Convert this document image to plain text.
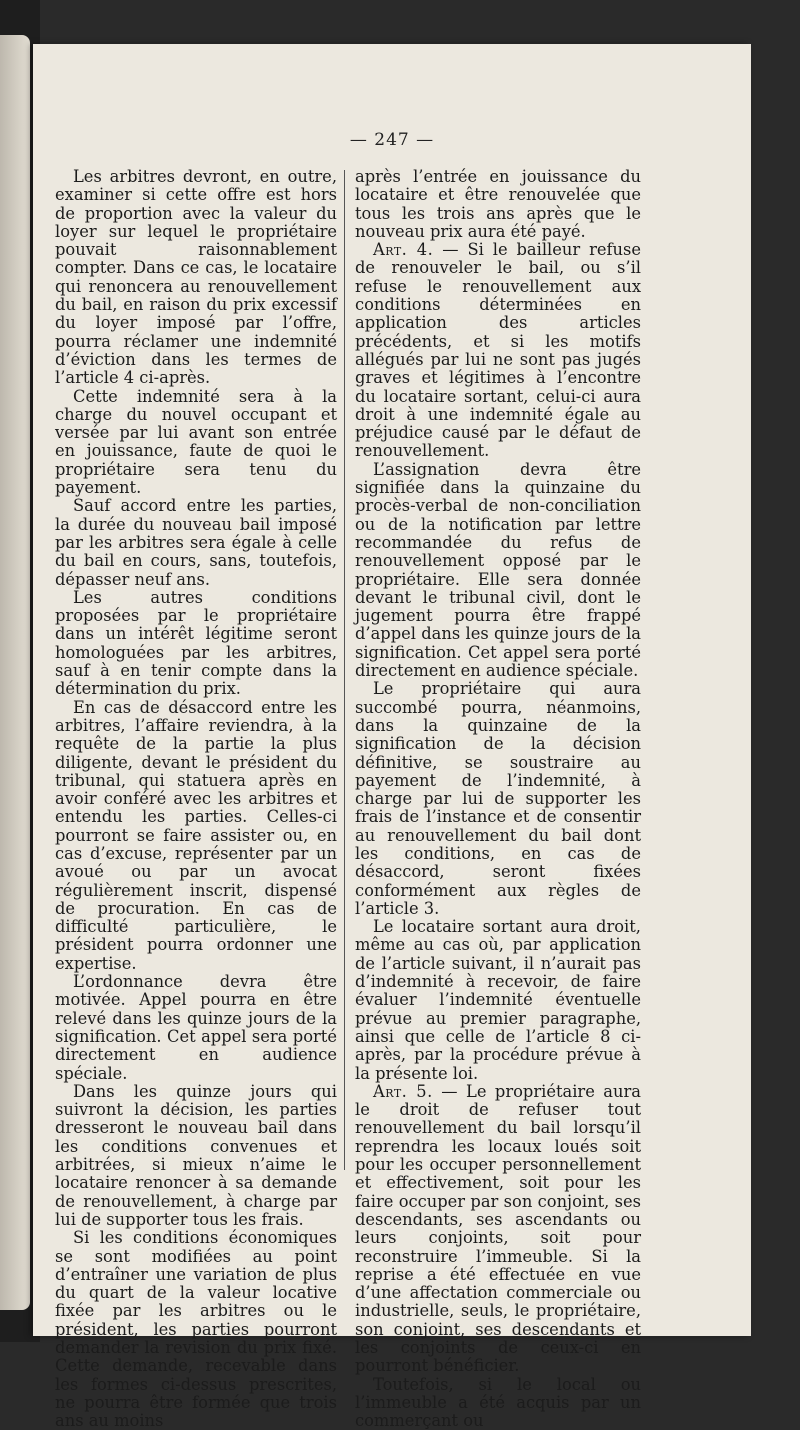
— 247 —

Les arbitres devront, en outre, examiner si cette offre est hors de proportion avec la valeur du loyer sur lequel le propriétaire pouvait raisonnablement compter. Dans ce cas, le locataire qui renoncera au renouvellement du bail, en raison du prix excessif du loyer imposé par l’offre, pourra réclamer une indemnité d’éviction dans les termes de l’article 4 ci-après.

Cette indemnité sera à la charge du nouvel occupant et versée par lui avant son entrée en jouissance, faute de quoi le propriétaire sera tenu du payement.

Sauf accord entre les parties, la durée du nouveau bail imposé par les arbitres sera égale à celle du bail en cours, sans, toutefois, dépasser neuf ans.

Les autres conditions proposées par le propriétaire dans un intérêt légitime seront homologuées par les arbitres, sauf à en tenir compte dans la détermination du prix.

En cas de désaccord entre les arbitres, l’affaire reviendra, à la requête de la partie la plus diligente, devant le président du tribunal, qui statuera après en avoir conféré avec les arbitres et entendu les parties. Celles-ci pourront se faire assister ou, en cas d’excuse, représenter par un avoué ou par un avocat régulièrement inscrit, dispensé de procuration. En cas de difficulté particulière, le président pourra ordonner une expertise.

L’ordonnance devra être motivée. Appel pourra en être relevé dans les quinze jours de la signification. Cet appel sera porté directement en audience spéciale.

Dans les quinze jours qui suivront la décision, les parties dresseront le nouveau bail dans les conditions convenues et arbitrées, si mieux n’aime le locataire renoncer à sa demande de renouvellement, à charge par lui de supporter tous les frais.

Si les conditions économiques se sont modifiées au point d’entraîner une variation de plus du quart de la valeur locative fixée par les arbitres ou le président, les parties pourront demander la revision du prix fixé. Cette demande, recevable dans les formes ci-dessus prescrites, ne pourra être formée que trois ans au moins

après l’entrée en jouissance du locataire et être renouvelée que tous les trois ans après que le nouveau prix aura été payé.

Art. 4. — Si le bailleur refuse de renouveler le bail, ou s’il refuse le renouvellement aux conditions déterminées en application des articles précédents, et si les motifs allégués par lui ne sont pas jugés graves et légitimes à l’encontre du locataire sortant, celui-ci aura droit à une indemnité égale au préjudice causé par le défaut de renouvellement.

L’assignation devra être signifiée dans la quinzaine du procès-verbal de non-conciliation ou de la notification par lettre recommandée du refus de renouvellement opposé par le propriétaire. Elle sera donnée devant le tribunal civil, dont le jugement pourra être frappé d’appel dans les quinze jours de la signification. Cet appel sera porté directement en audience spéciale.

Le propriétaire qui aura succombé pourra, néanmoins, dans la quinzaine de la signification de la décision définitive, se soustraire au payement de l’indemnité, à charge par lui de supporter les frais de l’instance et de consentir au renouvellement du bail dont les conditions, en cas de désaccord, seront fixées conformément aux règles de l’article 3.

Le locataire sortant aura droit, même au cas où, par application de l’article suivant, il n’aurait pas d’indemnité à recevoir, de faire évaluer l’indemnité éventuelle prévue au premier paragraphe, ainsi que celle de l’article 8 ci-après, par la procédure prévue à la présente loi.

Art. 5. — Le propriétaire aura le droit de refuser tout renouvellement du bail lorsqu’il reprendra les locaux loués soit pour les occuper personnellement et effectivement, soit pour les faire occuper par son conjoint, ses descendants, ses ascendants ou leurs conjoints, soit pour reconstruire l’immeuble. Si la reprise a été effectuée en vue d’une affectation commerciale ou industrielle, seuls, le propriétaire, son conjoint, ses descendants et les conjoints de ceux-ci en pourront bénéficier.

Toutefois, si le local ou l’immeuble a été acquis par un commerçant ou
